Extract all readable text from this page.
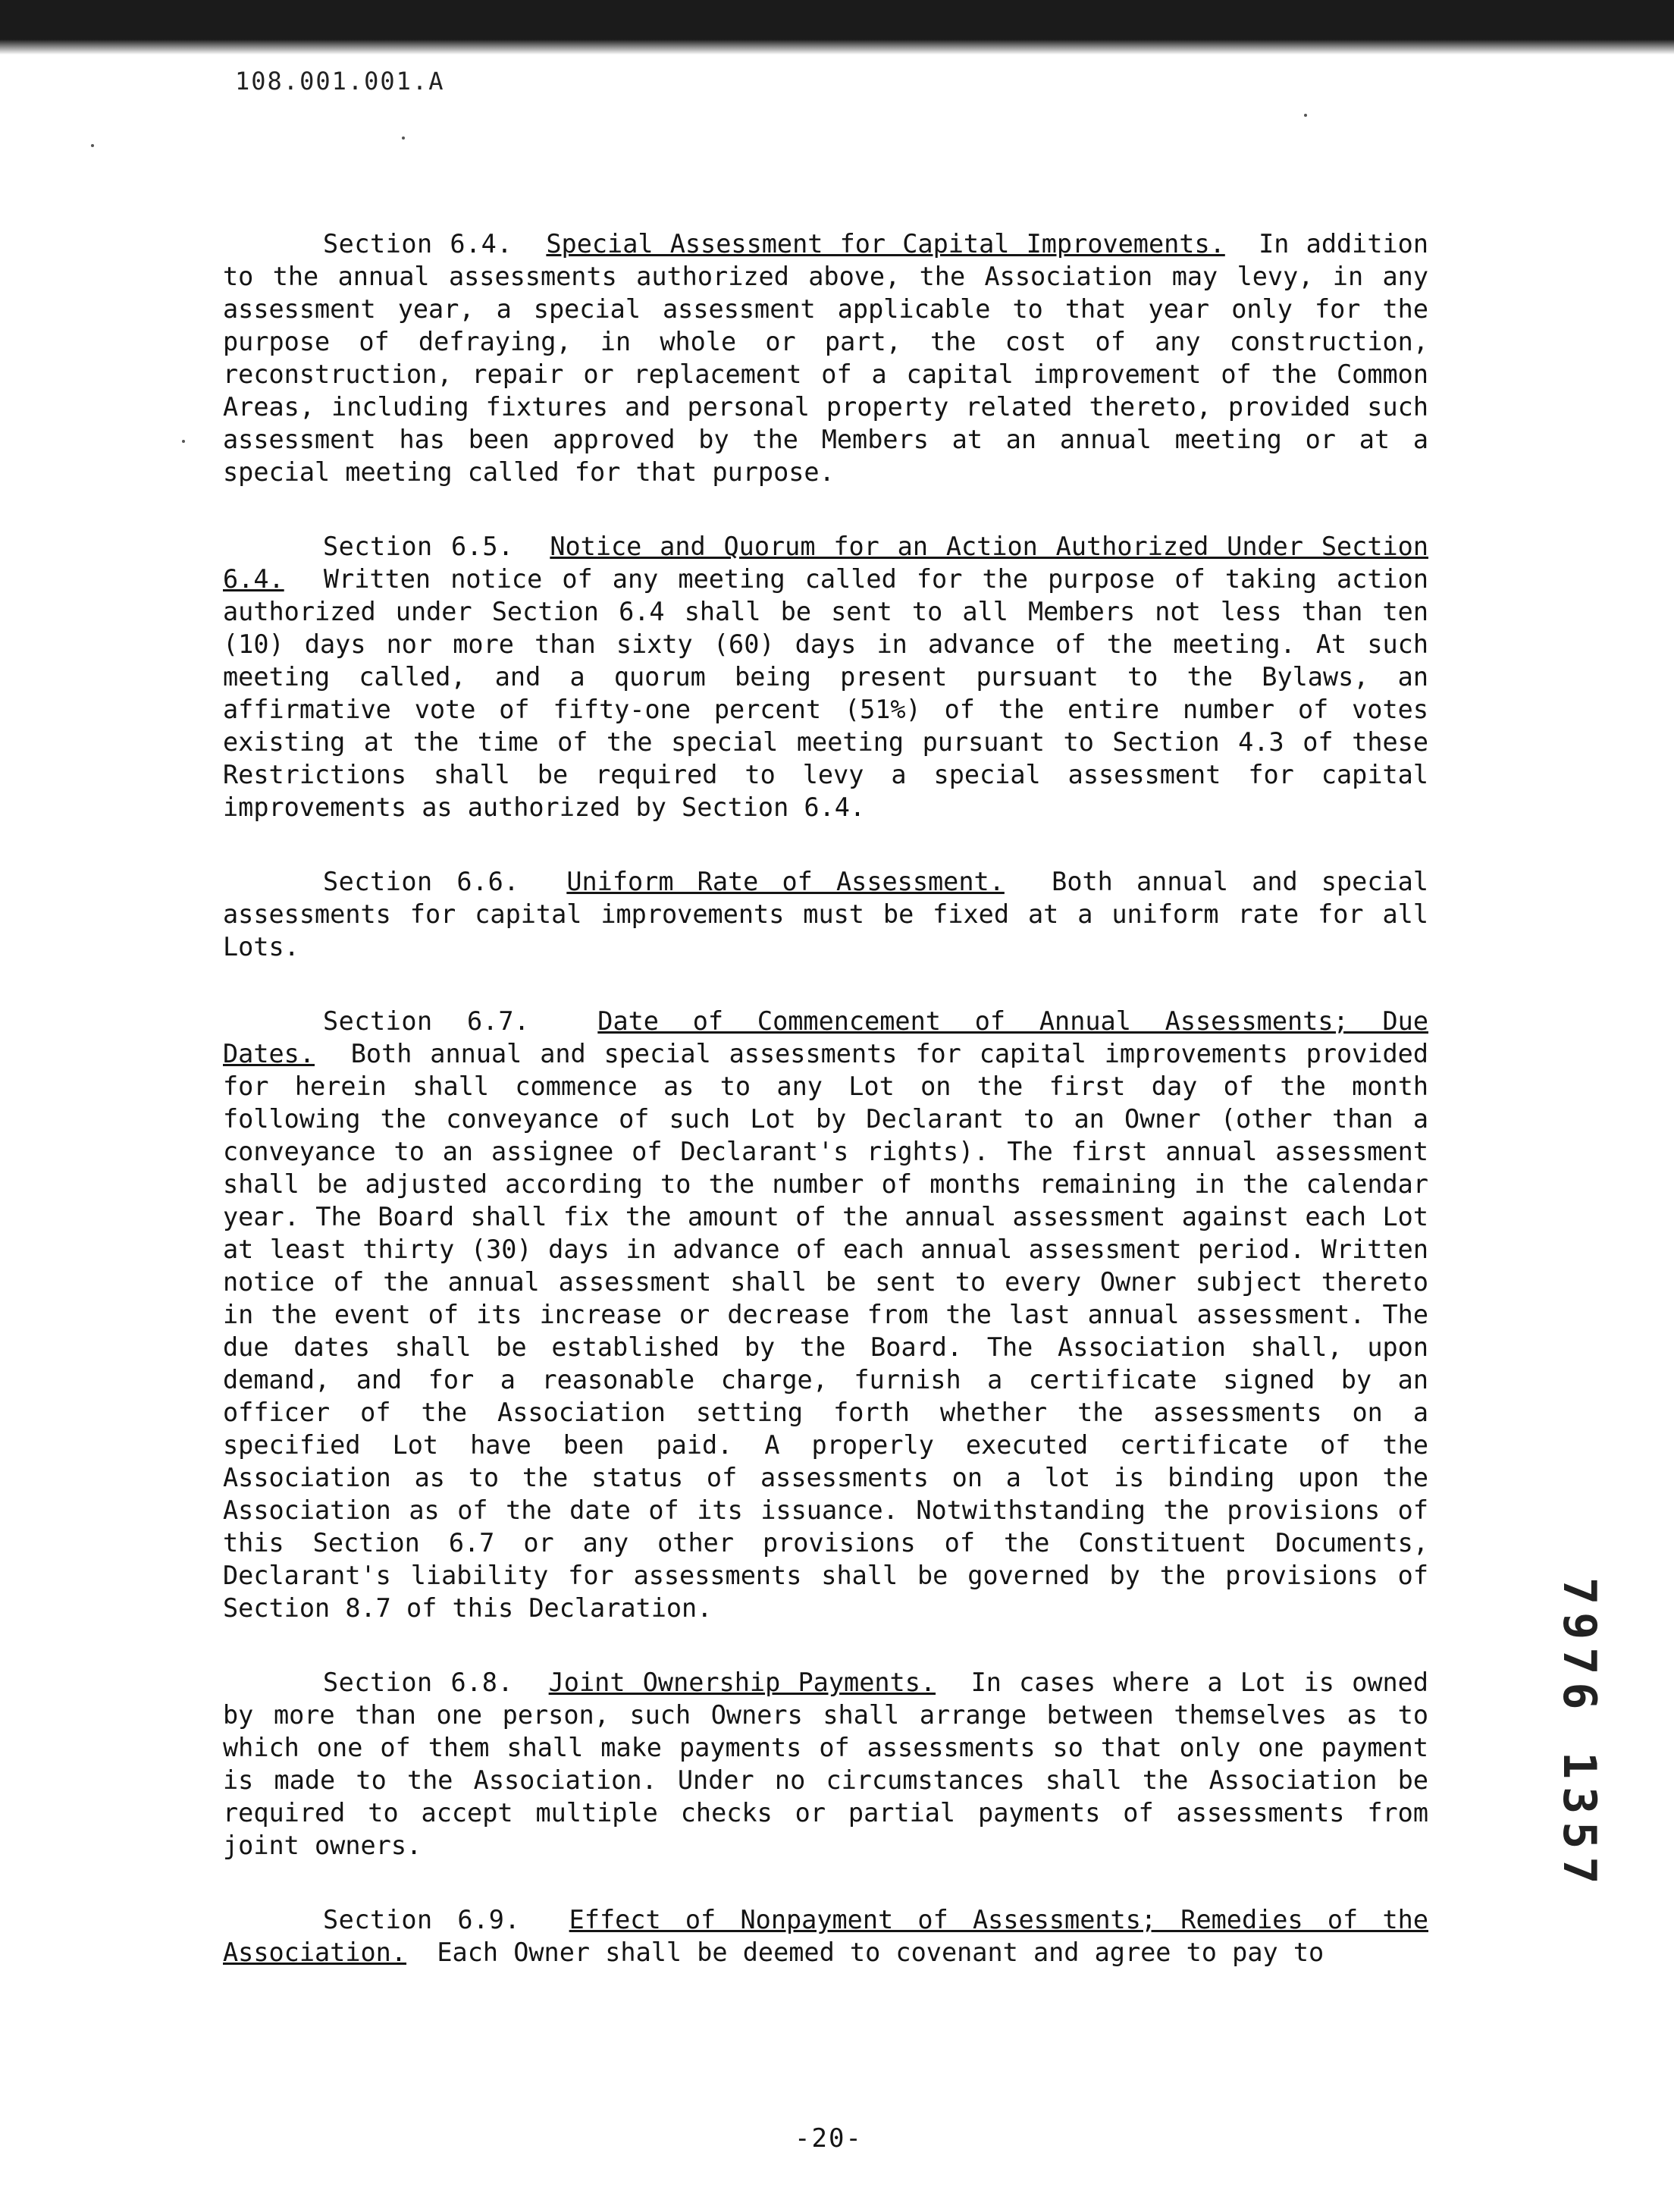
108.001.001.A

Section 6.4. Special Assessment for Capital Improvements. In addition to the annual assessments authorized above, the Association may levy, in any assessment year, a special assessment applicable to that year only for the purpose of defraying, in whole or part, the cost of any construction, reconstruction, repair or replacement of a capital improvement of the Common Areas, including fixtures and personal property related thereto, provided such assessment has been approved by the Members at an annual meeting or at a special meeting called for that purpose.

Section 6.5. Notice and Quorum for an Action Authorized Under Section 6.4. Written notice of any meeting called for the purpose of taking action authorized under Section 6.4 shall be sent to all Members not less than ten (10) days nor more than sixty (60) days in advance of the meeting. At such meeting called, and a quorum being present pursuant to the Bylaws, an affirmative vote of fifty-one percent (51%) of the entire number of votes existing at the time of the special meeting pursuant to Section 4.3 of these Restrictions shall be required to levy a special assessment for capital improvements as authorized by Section 6.4.

Section 6.6. Uniform Rate of Assessment. Both annual and special assessments for capital improvements must be fixed at a uniform rate for all Lots.

Section 6.7.	Date of Commencement of Annual Assessments; Due Dates. Both annual and special assessments for capital improvements provided for herein shall commence as to any Lot on the first day of the month following the conveyance of such Lot by Declarant to an Owner (other than a conveyance to an assignee of Declarant's rights). The first annual assessment shall be adjusted according to the number of months remaining in the calendar year. The Board shall fix the amount of the annual assessment against each Lot at least thirty (30) days in advance of each annual assessment period. Written notice of the annual assessment shall be sent to every Owner subject thereto in the event of its increase or decrease from the last annual assessment. The due dates shall be established by the Board. The Association shall, upon demand, and for a reasonable charge, furnish a certificate signed by an officer of the Association setting forth whether the assessments on a specified Lot have been paid. A properly executed certificate of the Association as to the status of assessments on a lot is binding upon the Association as of the date of its issuance. Notwithstanding the provisions of this Section 6.7 or any other provisions of the Constituent Documents, Declarant's liability for assessments shall be governed by the provisions of Section 8.7 of this Declaration.

Section 6.8. Joint Ownership Payments. In cases where a Lot is owned by more than one person, such Owners shall arrange between themselves as to which one of them shall make payments of assessments so that only one payment is made to the Association. Under no circumstances shall the Association be required to accept multiple checks or partial payments of assessments from joint owners.

Section 6.9. Effect of Nonpayment of Assessments; Remedies of the Association. Each Owner shall be deemed to covenant and agree to pay to

7976
1357
-20-
